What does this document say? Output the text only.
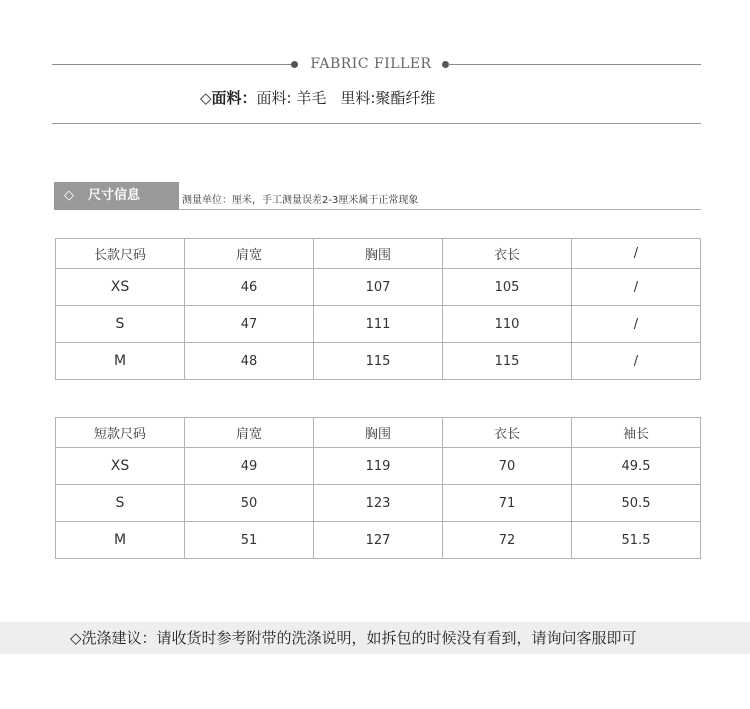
FABRIC FILLER
◇面料：面料: 羊毛 里料:聚酯纤维
◇ 尺寸信息	测量单位：厘米，手工测量误差2-3厘米属于正常现象
长款尺码	肩宽	胸围	衣长	/
XS	46	107	105	/
S	47	111	110	/
M	48	115	115	/
短款尺码	肩宽	胸围	衣长	袖长
XS	49	119	70	49.5
S	50	123	71	50.5
M	51	127	72	51.5
◇洗涤建议：请收货时参考附带的洗涤说明，如拆包的时候没有看到，请询问客服即可
